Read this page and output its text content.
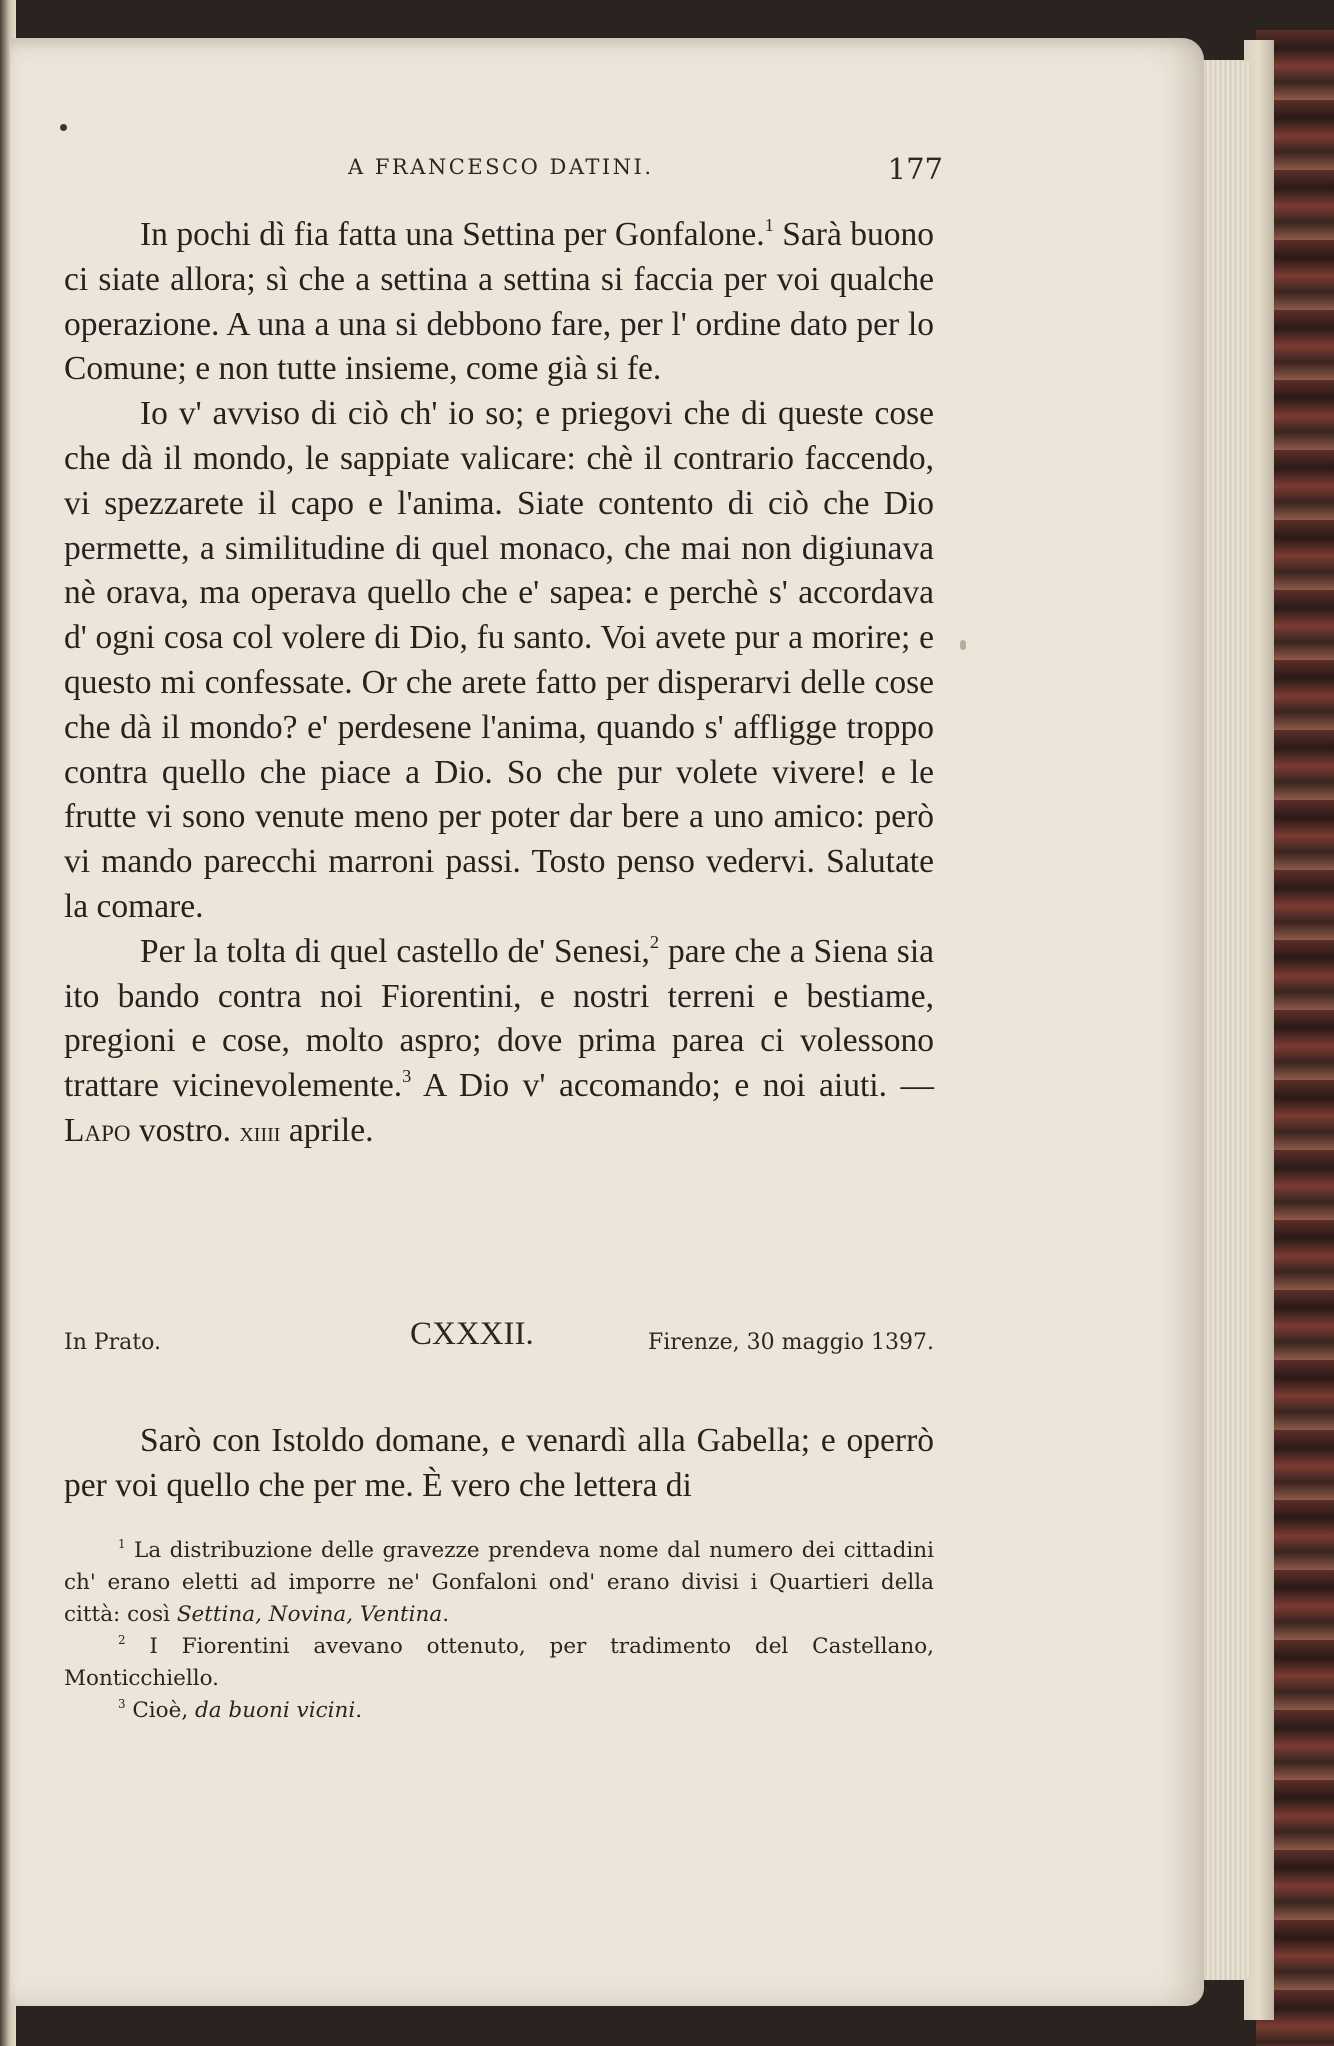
A FRANCESCO DATINI.	177

In pochi dì fia fatta una Settina per Gonfalone.$^1$ Sarà buono ci siate allora; sì che a settina a settina si faccia per voi qualche operazione. A una a una si debbono fare, per l' ordine dato per lo Comune; e non tutte insieme, come già si fe.

Io v' avviso di ciò ch' io so; e priegovi che di queste cose che dà il mondo, le sappiate valicare: chè il contrario faccendo, vi spezzarete il capo e l'anima. Siate contento di ciò che Dio permette, a similitudine di quel monaco, che mai non digiunava nè orava, ma operava quello che e' sapea: e perchè s' accordava d' ogni cosa col volere di Dio, fu santo. Voi avete pur a morire; e questo mi confessate. Or che arete fatto per disperarvi delle cose che dà il mondo? e' perdesene l'anima, quando s' affligge troppo contra quello che piace a Dio. So che pur volete vivere! e le frutte vi sono venute meno per poter dar bere a uno amico: però vi mando parecchi marroni passi. Tosto penso vedervi. Salutate la comare.

Per la tolta di quel castello de' Senesi,$^2$ pare che a Siena sia ito bando contra noi Fiorentini, e nostri terreni e bestiame, pregioni e cose, molto aspro; dove prima parea ci volessono trattare vicinevolemente.$^3$ A Dio v' accomando; e noi aiuti. — Lapo vostro. xiiii aprile.

In Prato.	CXXXII.	Firenze, 30 maggio 1397.

Sarò con Istoldo domane, e venardì alla Gabella; e operrò per voi quello che per me. È vero che lettera di

$^1$ La distribuzione delle gravezze prendeva nome dal numero dei cittadini ch' erano eletti ad imporre ne' Gonfaloni ond' erano divisi i Quartieri della città: così Settina, Novina, Ventina.

$^2$ I Fiorentini avevano ottenuto, per tradimento del Castellano, Monticchiello.

$^3$ Cioè, da buoni vicini.
